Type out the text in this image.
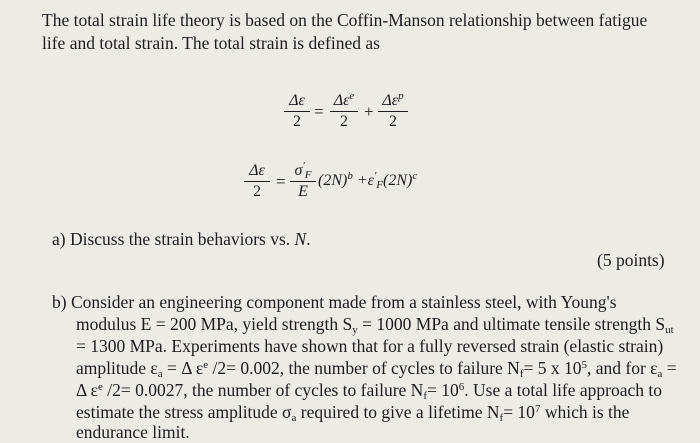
The total strain life theory is based on the Coffin-Manson relationship between fatigue
life and total strain. The total strain is defined as
Δε
2
=
$\Delta\varepsilon^e$
2
+
$\Delta\varepsilon^p$
2
Δε
2
=
$\sigma'_F$
E
$(2N)^b +\varepsilon'_F(2N)^c$
a) Discuss the strain behaviors vs. N.
(5 points)
b) Consider an engineering component made from a stainless steel, with Young's
modulus E = 200 MPa, yield strength $S_y = 1000$ MPa and ultimate tensile strength $S_{ut}$
= 1300 MPa. Experiments have shown that for a fully reversed strain (elastic strain)
amplitude $\varepsilon_a = \Delta$ $\varepsilon^e$ /2= 0.002, the number of cycles to failure $N_f= 5$ x $10^5$, and for $\varepsilon_a$ =
Δ $\varepsilon^e$ /2= 0.0027, the number of cycles to failure $N_f= 10^6$. Use a total life approach to
estimate the stress amplitude $\sigma_a$ required to give a lifetime $N_f= 10^7$ which is the
endurance limit.
